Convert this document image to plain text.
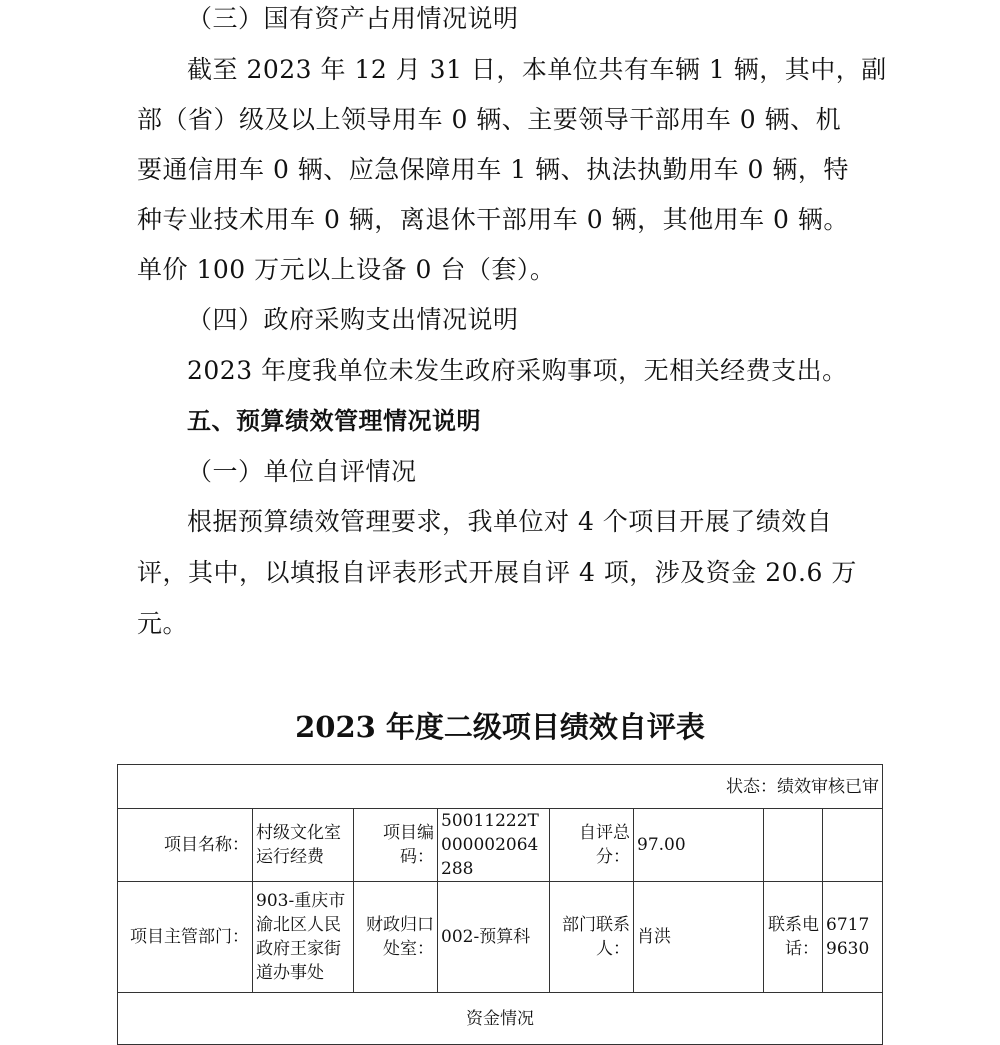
（三）国有资产占用情况说明
截至 2023 年 12 月 31 日，本单位共有车辆 1 辆，其中，副
部（省）级及以上领导用车 0 辆、主要领导干部用车 0 辆、机
要通信用车 0 辆、应急保障用车 1 辆、执法执勤用车 0 辆，特
种专业技术用车 0 辆，离退休干部用车 0 辆，其他用车 0 辆。
单价 100 万元以上设备 0 台（套）。
（四）政府采购支出情况说明
2023 年度我单位未发生政府采购事项，无相关经费支出。
五、预算绩效管理情况说明
（一）单位自评情况
根据预算绩效管理要求，我单位对 4 个项目开展了绩效自
评，其中，以填报自评表形式开展自评 4 项，涉及资金 20.6 万
元。
2023 年度二级项目绩效自评表
状态：绩效审核已审							
项目名称：	村级文化室运行经费	项目编码：	50011222T000002064288	自评总分：	97.00		
项目主管部门：	903-重庆市渝北区人民政府王家街道办事处	财政归口处室：	002-预算科	部门联系人：	肖洪	联系电话：	67179630
资金情况							
